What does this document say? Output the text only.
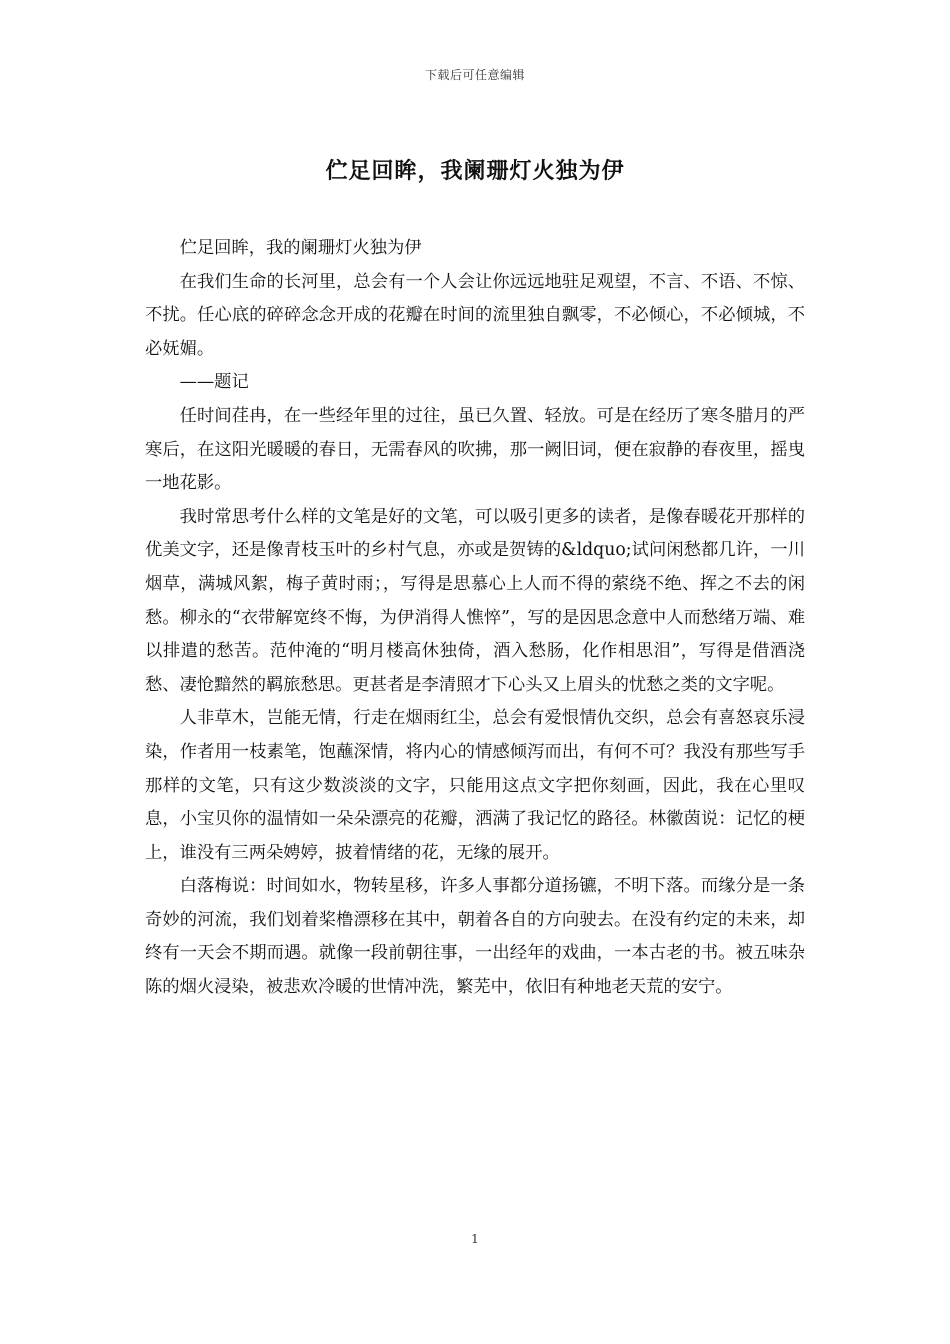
下载后可任意编辑
伫足回眸，我阑珊灯火独为伊

伫足回眸，我的阑珊灯火独为伊

在我们生命的长河里，总会有一个人会让你远远地驻足观望，不言、不语、不惊、不扰。任心底的碎碎念念开成的花瓣在时间的流里独自飘零，不必倾心，不必倾城，不必妩媚。

——题记

任时间荏冉，在一些经年里的过往，虽已久置、轻放。可是在经历了寒冬腊月的严寒后，在这阳光暖暖的春日，无需春风的吹拂，那一阙旧词，便在寂静的春夜里，摇曳一地花影。

我时常思考什么样的文笔是好的文笔，可以吸引更多的读者，是像春暖花开那样的优美文字，还是像青枝玉叶的乡村气息，亦或是贺铸的&ldquo;试问闲愁都几许，一川烟草，满城风絮，梅子黄时雨；，写得是思慕心上人而不得的萦绕不绝、挥之不去的闲愁。柳永的“衣带解宽终不悔，为伊消得人憔悴”，写的是因思念意中人而愁绪万端、难以排遣的愁苦。范仲淹的“明月楼高休独倚，酒入愁肠，化作相思泪”，写得是借酒浇愁、凄怆黯然的羁旅愁思。更甚者是李清照才下心头又上眉头的忧愁之类的文字呢。

人非草木，岂能无情，行走在烟雨红尘，总会有爱恨情仇交织，总会有喜怒哀乐浸染，作者用一枝素笔，饱蘸深情，将内心的情感倾泻而出，有何不可？我没有那些写手那样的文笔，只有这少数淡淡的文字，只能用这点文字把你刻画，因此，我在心里叹息，小宝贝你的温情如一朵朵漂亮的花瓣，洒满了我记忆的路径。林徽茵说：记忆的梗上，谁没有三两朵娉婷，披着情绪的花，无缘的展开。

白落梅说：时间如水，物转星移，许多人事都分道扬镳，不明下落。而缘分是一条奇妙的河流，我们划着桨橹漂移在其中，朝着各自的方向驶去。在没有约定的未来，却终有一天会不期而遇。就像一段前朝往事，一出经年的戏曲，一本古老的书。被五味杂陈的烟火浸染，被悲欢冷暖的世情冲洗，繁芜中，依旧有种地老天荒的安宁。

1
